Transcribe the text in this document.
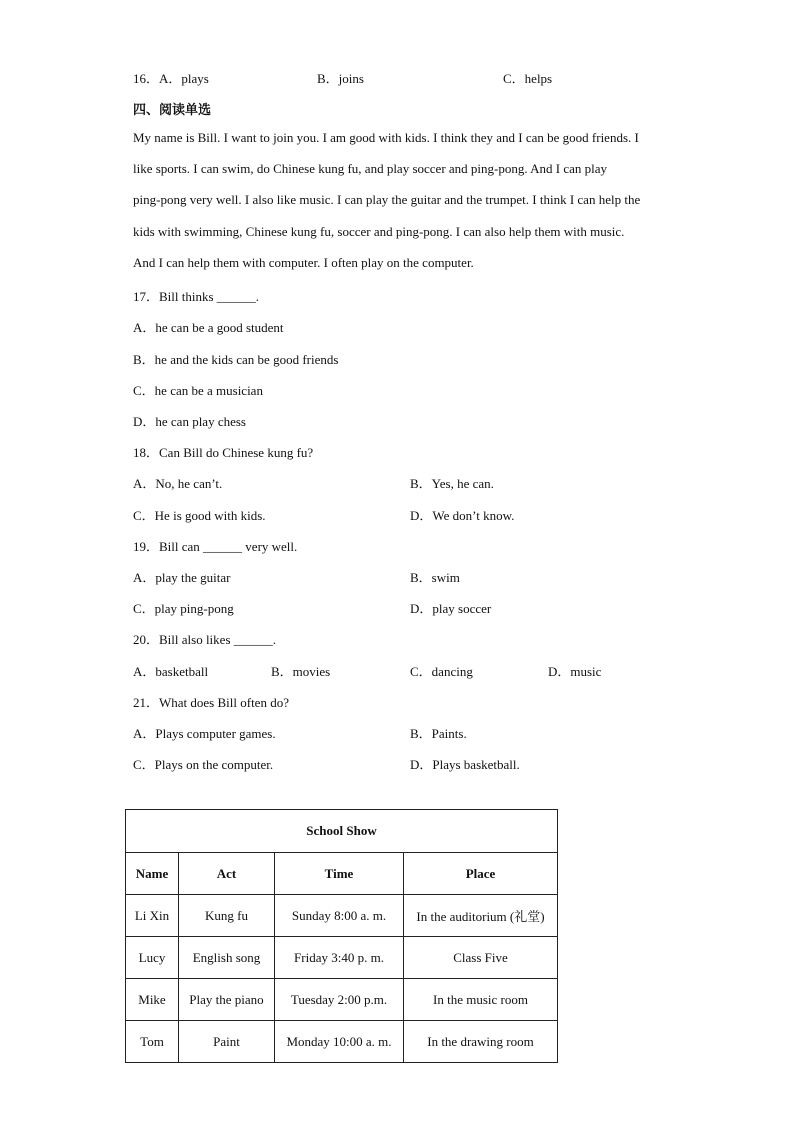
16．A．plays	B．joins	C．helps
四、阅读单选
My name is Bill. I want to join you. I am good with kids. I think they and I can be good friends. I
like sports. I can swim, do Chinese kung fu, and play soccer and ping-pong. And I can play
ping-pong very well. I also like music. I can play the guitar and the trumpet. I think I can help the
kids with swimming, Chinese kung fu, soccer and ping-pong. I can also help them with music.
And I can help them with computer. I often play on the computer.
17．Bill thinks ______.
A．he can be a good student
B．he and the kids can be good friends
C．he can be a musician
D．he can play chess
18．Can Bill do Chinese kung fu?
A．No, he can’t.	B．Yes, he can.
C．He is good with kids.	D．We don’t know.
19．Bill can ______ very well.
A．play the guitar	B．swim
C．play ping-pong	D．play soccer
20．Bill also likes ______.
A．basketball	B．movies	C．dancing	D．music
21．What does Bill often do?
A．Plays computer games.	B．Paints.
C．Plays on the computer.	D．Plays basketball.
School Show			
Name	Act	Time	Place
Li Xin	Kung fu	Sunday 8:00 a. m.	In the auditorium (礼堂)
Lucy	English song	Friday 3:40 p. m.	Class Five
Mike	Play the piano	Tuesday 2:00 p.m.	In the music room
Tom	Paint	Monday 10:00 a. m.	In the drawing room
